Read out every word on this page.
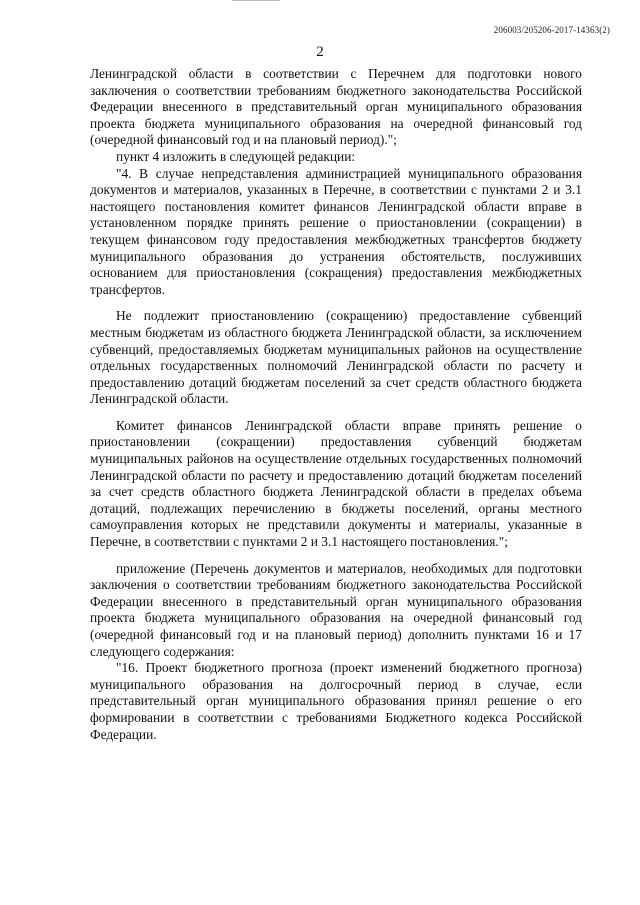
206003/205206-2017-14363(2)
2

Ленинградской области в соответствии с Перечнем для подготовки нового заключения о соответствии требованиям бюджетного законодательства Российской Федерации внесенного в представительный орган муниципального образования проекта бюджета муниципального образования на очередной финансовый год (очередной финансовый год и на плановый период).";

пункт 4 изложить в следующей редакции:

"4. В случае непредставления администрацией муниципального образования документов и материалов, указанных в Перечне, в соответствии с пунктами 2 и 3.1 настоящего постановления комитет финансов Ленинградской области вправе в установленном порядке принять решение о приостановлении (сокращении) в текущем финансовом году предоставления межбюджетных трансфертов бюджету муниципального образования до устранения обстоятельств, послуживших основанием для приостановления (сокращения) предоставления межбюджетных трансфертов.

Не подлежит приостановлению (сокращению) предоставление субвенций местным бюджетам из областного бюджета Ленинградской области, за исключением субвенций, предоставляемых бюджетам муниципальных районов на осуществление отдельных государственных полномочий Ленинградской области по расчету и предоставлению дотаций бюджетам поселений за счет средств областного бюджета Ленинградской области.

Комитет финансов Ленинградской области вправе принять решение о приостановлении (сокращении) предоставления субвенций бюджетам муниципальных районов на осуществление отдельных государственных полномочий Ленинградской области по расчету и предоставлению дотаций бюджетам поселений за счет средств областного бюджета Ленинградской области в пределах объема дотаций, подлежащих перечислению в бюджеты поселений, органы местного самоуправления которых не представили документы и материалы, указанные в Перечне, в соответствии с пунктами 2 и 3.1 настоящего постановления.";

приложение (Перечень документов и материалов, необходимых для подготовки заключения о соответствии требованиям бюджетного законодательства Российской Федерации внесенного в представительный орган муниципального образования проекта бюджета муниципального образования на очередной финансовый год (очередной финансовый год и на плановый период) дополнить пунктами 16 и 17 следующего содержания:

"16. Проект бюджетного прогноза (проект изменений бюджетного прогноза) муниципального образования на долгосрочный период в случае, если представительный орган муниципального образования принял решение о его формировании в соответствии с требованиями Бюджетного кодекса Российской Федерации.
